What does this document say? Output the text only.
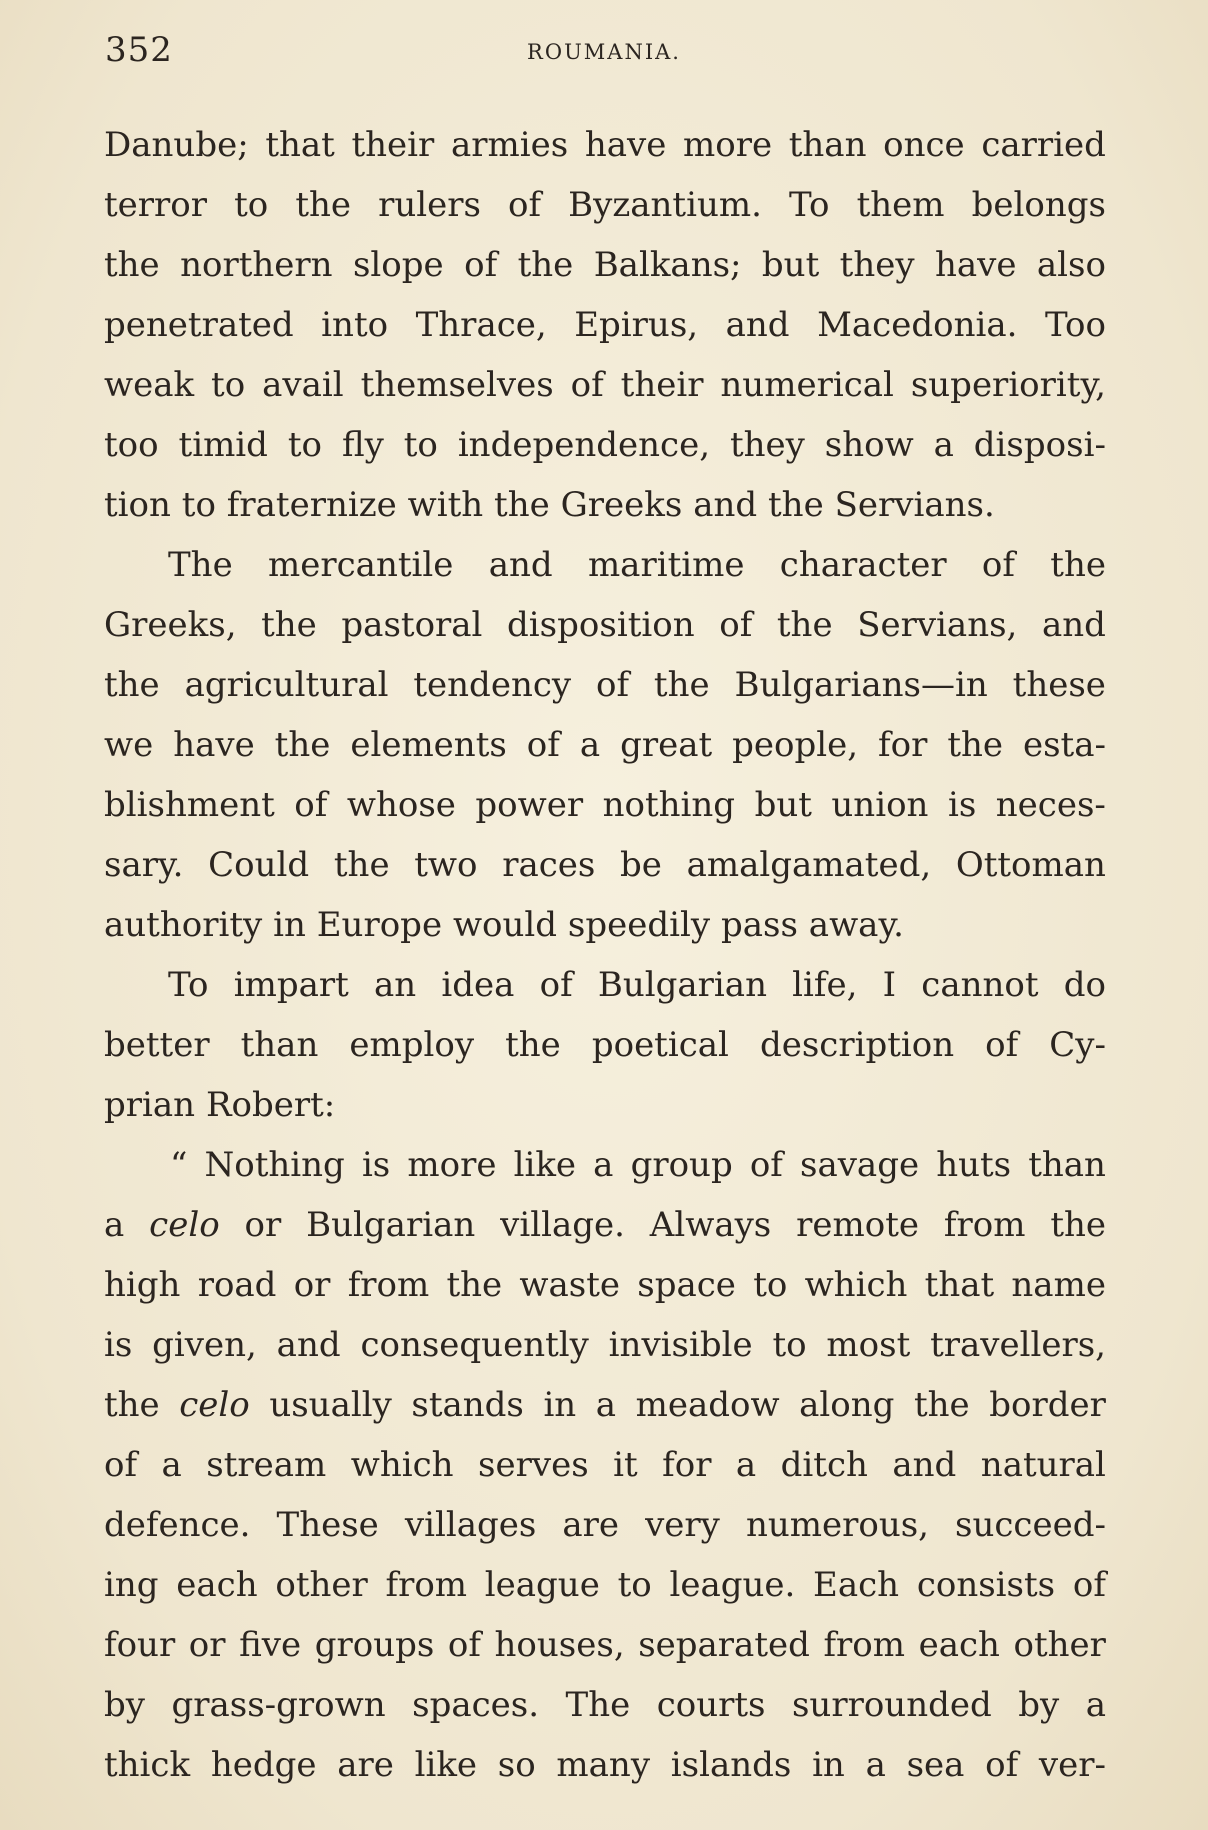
352	ROUMANIA.
Danube; that their armies have more than once carried
terror to the rulers of Byzantium. To them belongs
the northern slope of the Balkans; but they have also
penetrated into Thrace, Epirus, and Macedonia. Too
weak to avail themselves of their numerical superiority,
too timid to fly to independence, they show a disposi-
tion to fraternize with the Greeks and the Servians.
The mercantile and maritime character of the
Greeks, the pastoral disposition of the Servians, and
the agricultural tendency of the Bulgarians—in these
we have the elements of a great people, for the esta-
blishment of whose power nothing but union is neces-
sary. Could the two races be amalgamated, Ottoman
authority in Europe would speedily pass away.
To impart an idea of Bulgarian life, I cannot do
better than employ the poetical description of Cy-
prian Robert:
“ Nothing is more like a group of savage huts than
a celo or Bulgarian village. Always remote from the
high road or from the waste space to which that name
is given, and consequently invisible to most travellers,
the celo usually stands in a meadow along the border
of a stream which serves it for a ditch and natural
defence. These villages are very numerous, succeed-
ing each other from league to league. Each consists of
four or five groups of houses, separated from each other
by grass-grown spaces. The courts surrounded by a
thick hedge are like so many islands in a sea of ver-
